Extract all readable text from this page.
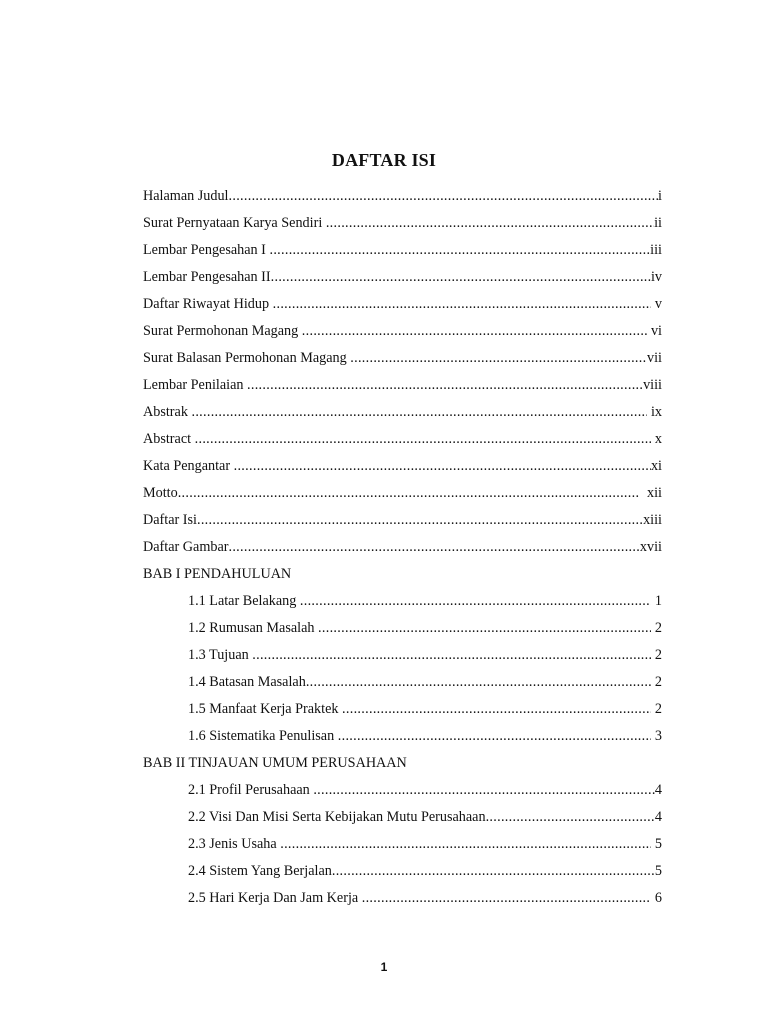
DAFTAR ISI
Halaman Judul .....	i
Surat Pernyataan Karya Sendiri .....	ii
Lembar Pengesahan I .....	iii
Lembar Pengesahan II .....	iv
Daftar Riwayat Hidup .....	v
Surat Permohonan Magang .....	vi
Surat Balasan Permohonan Magang .....	vii
Lembar Penilaian .....	viii
Abstrak .....	ix
Abstract .....	x
Kata Pengantar .....	xi
Motto .....	xii
Daftar Isi .....	xiii
Daftar Gambar .....	xvii
BAB I PENDAHULUAN
1.1 Latar Belakang .....	1
1.2 Rumusan Masalah .....	2
1.3 Tujuan .....	2
1.4 Batasan Masalah .....	2
1.5 Manfaat Kerja Praktek .....	2
1.6 Sistematika Penulisan .....	3
BAB II TINJAUAN UMUM PERUSAHAAN
2.1 Profil Perusahaan .....	4
2.2 Visi Dan Misi Serta Kebijakan Mutu Perusahaan .....	4
2.3 Jenis Usaha .....	5
2.4 Sistem Yang Berjalan .....	5
2.5 Hari Kerja Dan Jam Kerja .....	6
1
